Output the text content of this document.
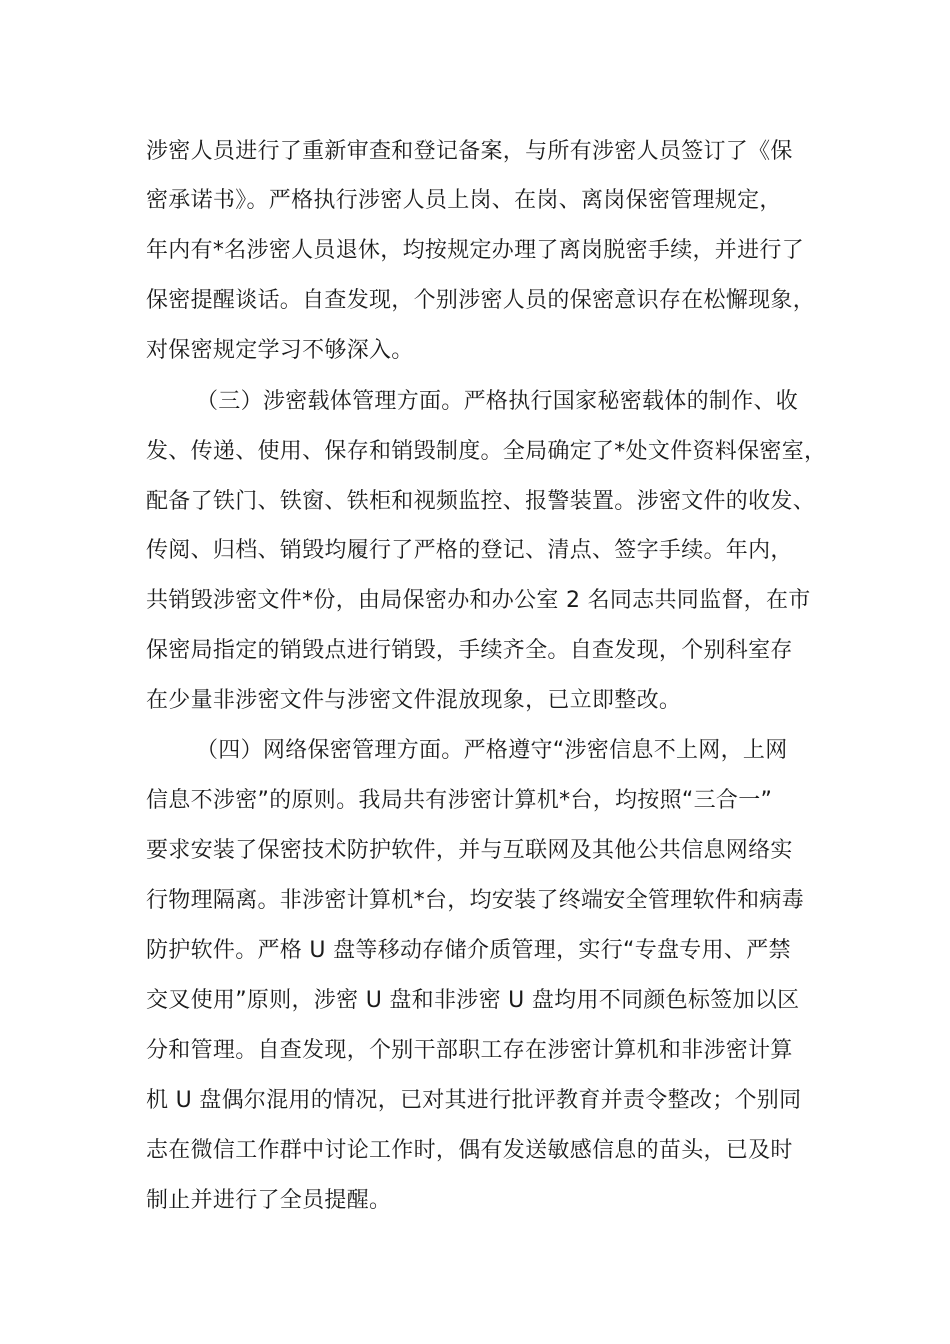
涉密人员进行了重新审查和登记备案，与所有涉密人员签订了《保
密承诺书》。严格执行涉密人员上岗、在岗、离岗保密管理规定，
年内有*名涉密人员退休，均按规定办理了离岗脱密手续，并进行了
保密提醒谈话。自查发现，个别涉密人员的保密意识存在松懈现象，
对保密规定学习不够深入。
（三）涉密载体管理方面。严格执行国家秘密载体的制作、收
发、传递、使用、保存和销毁制度。全局确定了*处文件资料保密室，
配备了铁门、铁窗、铁柜和视频监控、报警装置。涉密文件的收发、
传阅、归档、销毁均履行了严格的登记、清点、签字手续。年内，
共销毁涉密文件*份，由局保密办和办公室 2 名同志共同监督，在市
保密局指定的销毁点进行销毁，手续齐全。自查发现，个别科室存
在少量非涉密文件与涉密文件混放现象，已立即整改。
（四）网络保密管理方面。严格遵守“涉密信息不上网，上网
信息不涉密”的原则。我局共有涉密计算机*台，均按照“三合一”
要求安装了保密技术防护软件，并与互联网及其他公共信息网络实
行物理隔离。非涉密计算机*台，均安装了终端安全管理软件和病毒
防护软件。严格 U 盘等移动存储介质管理，实行“专盘专用、严禁
交叉使用”原则，涉密 U 盘和非涉密 U 盘均用不同颜色标签加以区
分和管理。自查发现，个别干部职工存在涉密计算机和非涉密计算
机 U 盘偶尔混用的情况，已对其进行批评教育并责令整改；个别同
志在微信工作群中讨论工作时，偶有发送敏感信息的苗头，已及时
制止并进行了全员提醒。
